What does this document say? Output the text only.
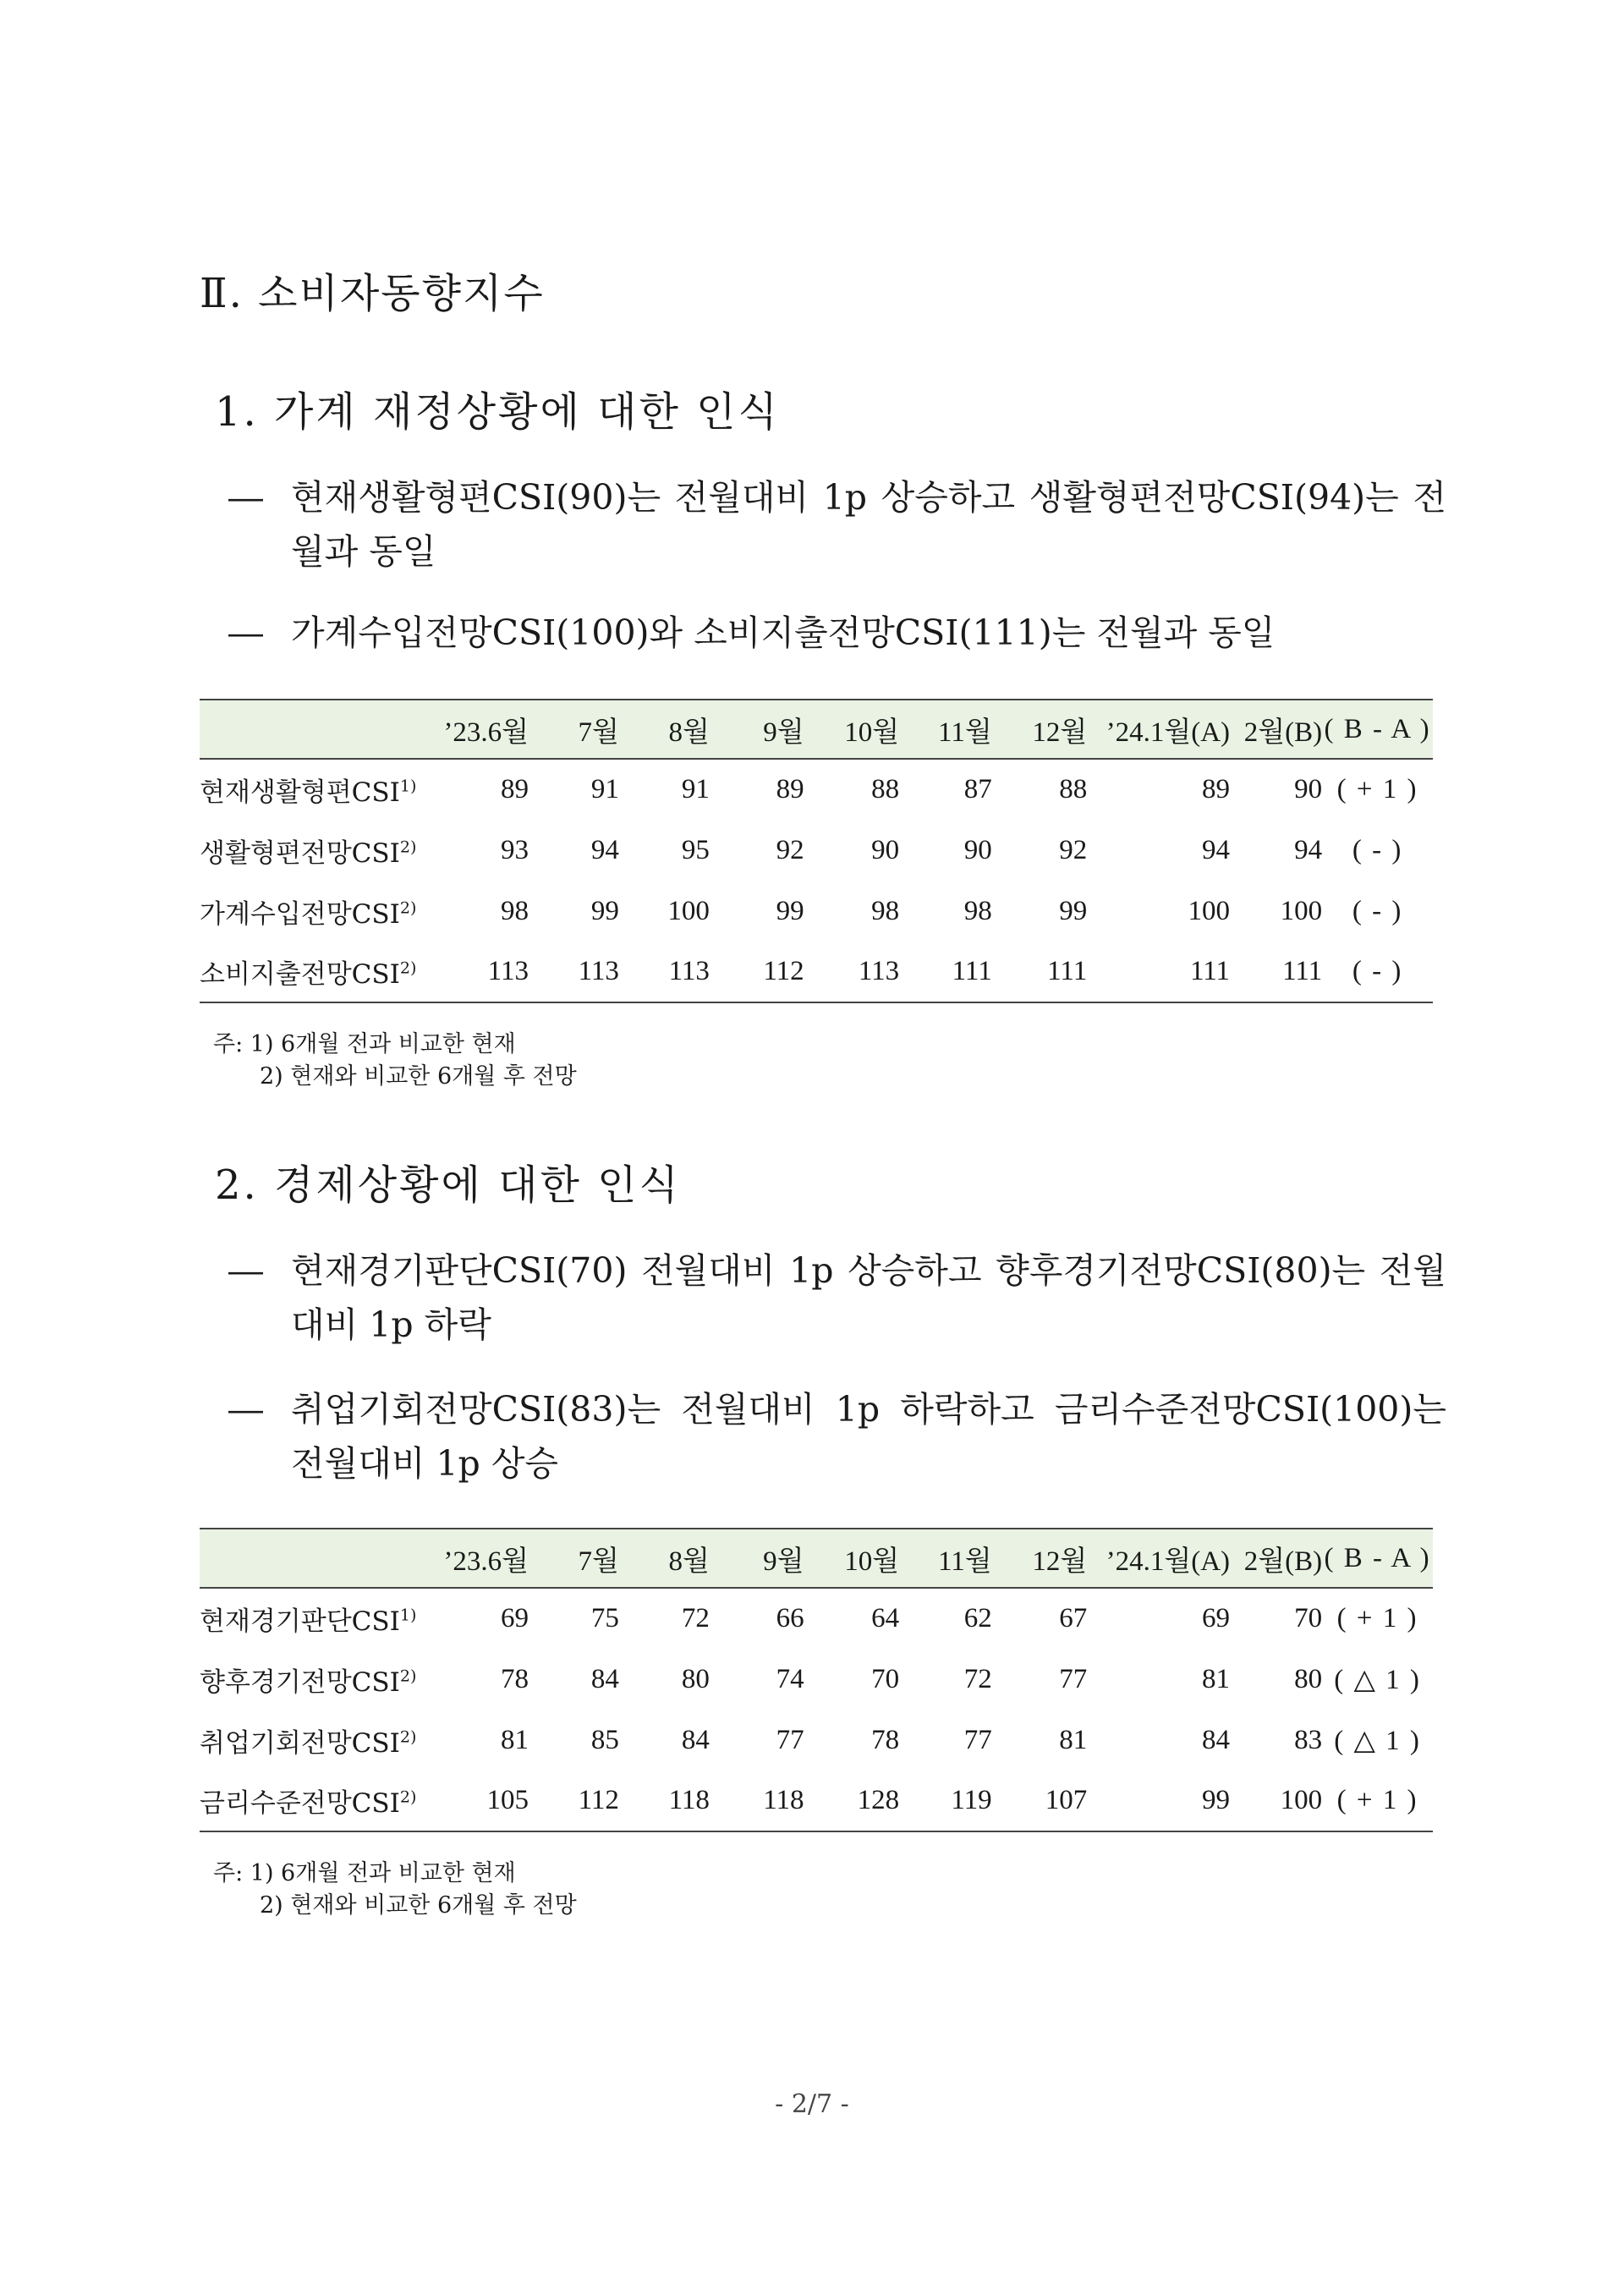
Ⅱ. 소비자동향지수
1. 가계 재정상황에 대한 인식
― 현재생활형편CSI(90)는 전월대비 1p 상승하고 생활형편전망CSI(94)는 전월과 동일
― 가계수입전망CSI(100)와 소비지출전망CSI(111)는 전월과 동일
	’23.6월	7월	8월	9월	10월	11월	12월	’24.1월(A)	2월(B)	( B - A )
현재생활형편CSI$^{1)}$	89	91	91	89	88	87	88	89	90	( + 1 )
생활형편전망CSI$^{2)}$	93	94	95	92	90	90	92	94	94	( - )
가계수입전망CSI$^{2)}$	98	99	100	99	98	98	99	100	100	( - )
소비지출전망CSI$^{2)}$	113	113	113	112	113	111	111	111	111	( - )
주: 1) 6개월 전과 비교한 현재
2) 현재와 비교한 6개월 후 전망
2. 경제상황에 대한 인식
― 현재경기판단CSI(70) 전월대비 1p 상승하고 향후경기전망CSI(80)는 전월대비 1p 하락
― 취업기회전망CSI(83)는 전월대비 1p 하락하고 금리수준전망CSI(100)는 전월대비 1p 상승
	’23.6월	7월	8월	9월	10월	11월	12월	’24.1월(A)	2월(B)	( B - A )
현재경기판단CSI$^{1)}$	69	75	72	66	64	62	67	69	70	( + 1 )
향후경기전망CSI$^{2)}$	78	84	80	74	70	72	77	81	80	( △ 1 )
취업기회전망CSI$^{2)}$	81	85	84	77	78	77	81	84	83	( △ 1 )
금리수준전망CSI$^{2)}$	105	112	118	118	128	119	107	99	100	( + 1 )
주: 1) 6개월 전과 비교한 현재
2) 현재와 비교한 6개월 후 전망
- 2/7 -
